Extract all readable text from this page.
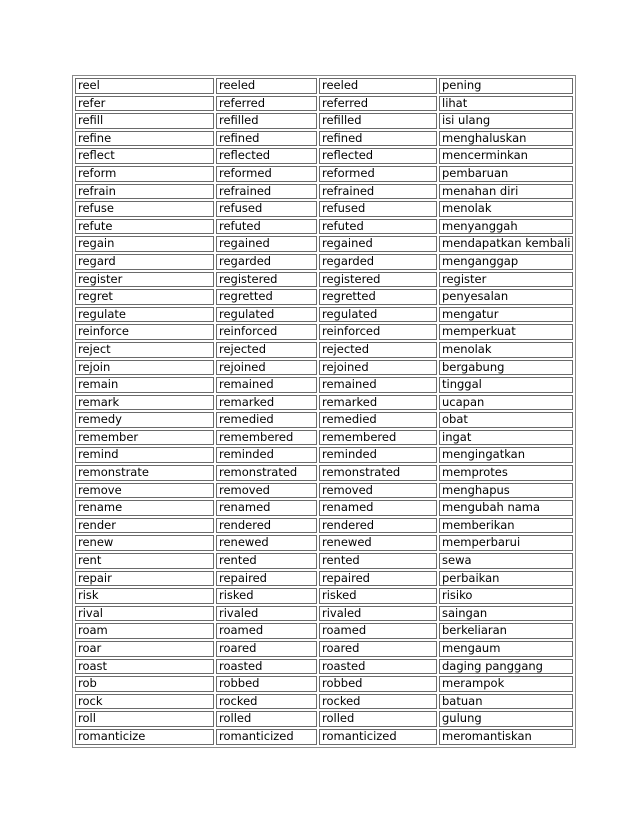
reel	reeled	reeled	pening
refer	referred	referred	lihat
refill	refilled	refilled	isi ulang
refine	refined	refined	menghaluskan
reflect	reflected	reflected	mencerminkan
reform	reformed	reformed	pembaruan
refrain	refrained	refrained	menahan diri
refuse	refused	refused	menolak
refute	refuted	refuted	menyanggah
regain	regained	regained	mendapatkan kembali
regard	regarded	regarded	menganggap
register	registered	registered	register
regret	regretted	regretted	penyesalan
regulate	regulated	regulated	mengatur
reinforce	reinforced	reinforced	memperkuat
reject	rejected	rejected	menolak
rejoin	rejoined	rejoined	bergabung
remain	remained	remained	tinggal
remark	remarked	remarked	ucapan
remedy	remedied	remedied	obat
remember	remembered	remembered	ingat
remind	reminded	reminded	mengingatkan
remonstrate	remonstrated	remonstrated	memprotes
remove	removed	removed	menghapus
rename	renamed	renamed	mengubah nama
render	rendered	rendered	memberikan
renew	renewed	renewed	memperbarui
rent	rented	rented	sewa
repair	repaired	repaired	perbaikan
risk	risked	risked	risiko
rival	rivaled	rivaled	saingan
roam	roamed	roamed	berkeliaran
roar	roared	roared	mengaum
roast	roasted	roasted	daging panggang
rob	robbed	robbed	merampok
rock	rocked	rocked	batuan
roll	rolled	rolled	gulung
romanticize	romanticized	romanticized	meromantiskan
